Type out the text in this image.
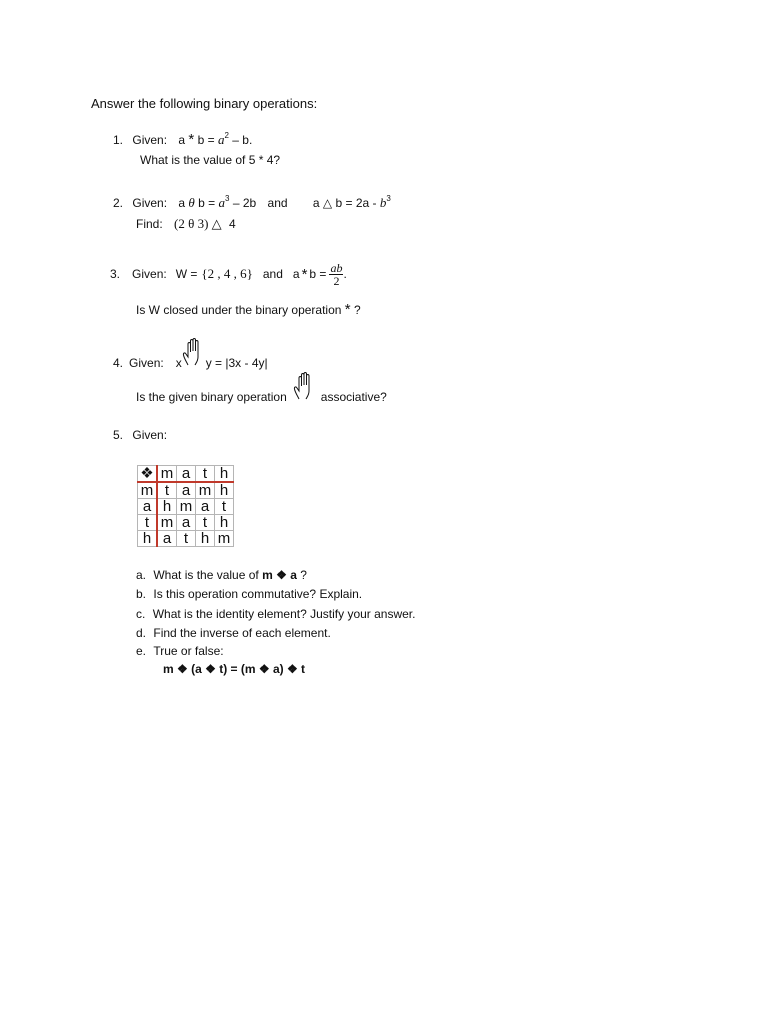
Answer the following binary operations:
1. Given: $a * b = a^2 - b$.
What is the value of 5 * 4?
2. Given: a θ $b = a^3 - 2b$ and a △ $b = 2a - b^3$
Find: (2 θ 3) △ 4
3. Given: W = {2 , 4 , 6} and $a * b = \frac{ab}{2}$ .
Is W closed under the binary operation * ?
4. Given: x y = |3x - 4y|
Is the given binary operation	associative?
5. Given:
❖	m	a	t	h
m	t	a	m	h
a	h	m	a	t
t	m	a	t	h
h	a	t	h	m
a. What is the value of m ❖ a ?
b. Is this operation commutative? Explain.
c. What is the identity element? Justify your answer.
d. Find the inverse of each element.
e. True or false:
m ❖ (a ❖ t) = (m ❖ a) ❖ t
